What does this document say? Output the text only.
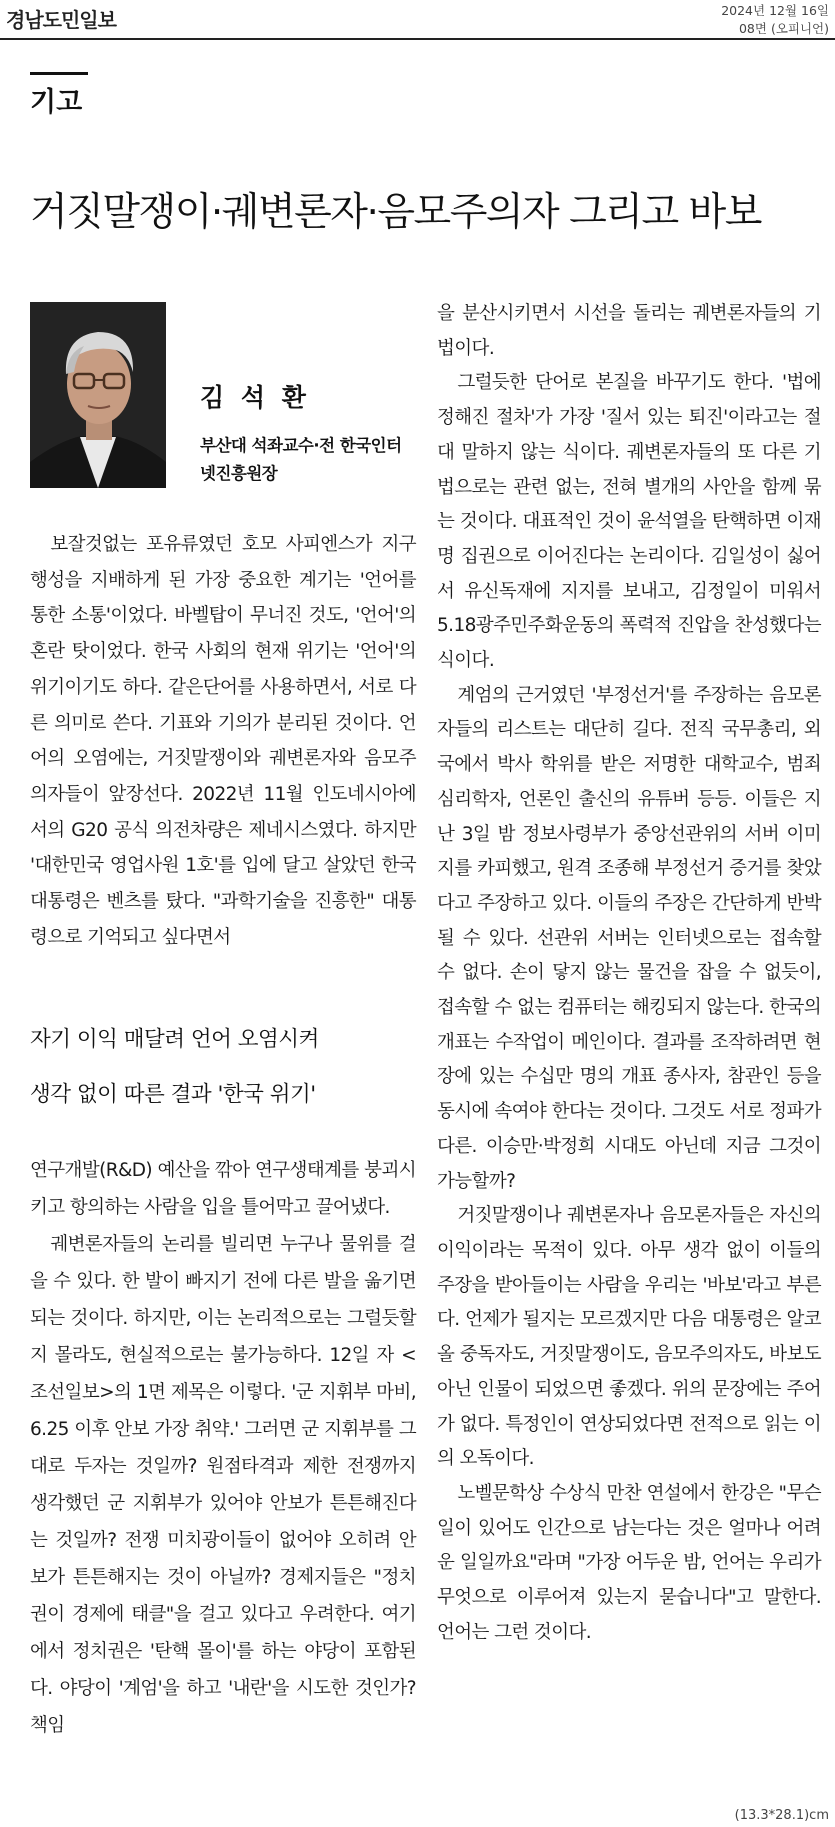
경남도민일보	2024년 12월 16일
08면 (오피니언)
기고
거짓말쟁이·궤변론자·음모주의자 그리고 바보
김 석 환
부산대 석좌교수·전 한국인터넷진흥원장

보잘것없는 포유류였던 호모 사피엔스가 지구 행성을 지배하게 된 가장 중요한 계기는 '언어를 통한 소통'이었다. 바벨탑이 무너진 것도, '언어'의 혼란 탓이었다. 한국 사회의 현재 위기는 '언어'의 위기이기도 하다. 같은단어를 사용하면서, 서로 다른 의미로 쓴다. 기표와 기의가 분리된 것이다. 언어의 오염에는, 거짓말쟁이와 궤변론자와 음모주의자들이 앞장선다. 2022년 11월 인도네시아에서의 G20 공식 의전차량은 제네시스였다. 하지만 '대한민국 영업사원 1호'를 입에 달고 살았던 한국 대통령은 벤츠를 탔다. "과학기술을 진흥한" 대통령으로 기억되고 싶다면서

자기 이익 매달려 언어 오염시켜
생각 없이 따른 결과 '한국 위기'

연구개발(R&D) 예산을 깎아 연구생태계를 붕괴시키고 항의하는 사람을 입을 틀어막고 끌어냈다.

궤변론자들의 논리를 빌리면 누구나 물위를 걸을 수 있다. 한 발이 빠지기 전에 다른 발을 옮기면 되는 것이다. 하지만, 이는 논리적으로는 그럴듯할지 몰라도, 현실적으로는 불가능하다. 12일 자 <조선일보>의 1면 제목은 이렇다. '군 지휘부 마비, 6.25 이후 안보 가장 취약.' 그러면 군 지휘부를 그대로 두자는 것일까? 원점타격과 제한 전쟁까지 생각했던 군 지휘부가 있어야 안보가 튼튼해진다는 것일까? 전쟁 미치광이들이 없어야 오히려 안보가 튼튼해지는 것이 아닐까? 경제지들은 "정치권이 경제에 태클"을 걸고 있다고 우려한다. 여기에서 정치권은 '탄핵 몰이'를 하는 야당이 포함된다. 야당이 '계엄'을 하고 '내란'을 시도한 것인가? 책임

을 분산시키면서 시선을 돌리는 궤변론자들의 기법이다.

그럴듯한 단어로 본질을 바꾸기도 한다. '법에 정해진 절차'가 가장 '질서 있는 퇴진'이라고는 절대 말하지 않는 식이다. 궤변론자들의 또 다른 기법으로는 관련 없는, 전혀 별개의 사안을 함께 묶는 것이다. 대표적인 것이 윤석열을 탄핵하면 이재명 집권으로 이어진다는 논리이다. 김일성이 싫어서 유신독재에 지지를 보내고, 김정일이 미워서 5.18광주민주화운동의 폭력적 진압을 찬성했다는 식이다.

계엄의 근거였던 '부정선거'를 주장하는 음모론자들의 리스트는 대단히 길다. 전직 국무총리, 외국에서 박사 학위를 받은 저명한 대학교수, 범죄 심리학자, 언론인 출신의 유튜버 등등. 이들은 지난 3일 밤 정보사령부가 중앙선관위의 서버 이미지를 카피했고, 원격 조종해 부정선거 증거를 찾았다고 주장하고 있다. 이들의 주장은 간단하게 반박될 수 있다. 선관위 서버는 인터넷으로는 접속할 수 없다. 손이 닿지 않는 물건을 잡을 수 없듯이, 접속할 수 없는 컴퓨터는 해킹되지 않는다. 한국의 개표는 수작업이 메인이다. 결과를 조작하려면 현장에 있는 수십만 명의 개표 종사자, 참관인 등을 동시에 속여야 한다는 것이다. 그것도 서로 정파가 다른. 이승만·박정희 시대도 아닌데 지금 그것이 가능할까?

거짓말쟁이나 궤변론자나 음모론자들은 자신의 이익이라는 목적이 있다. 아무 생각 없이 이들의 주장을 받아들이는 사람을 우리는 '바보'라고 부른다. 언제가 될지는 모르겠지만 다음 대통령은 알코올 중독자도, 거짓말쟁이도, 음모주의자도, 바보도 아닌 인물이 되었으면 좋겠다. 위의 문장에는 주어가 없다. 특정인이 연상되었다면 전적으로 읽는 이의 오독이다.

노벨문학상 수상식 만찬 연설에서 한강은 "무슨 일이 있어도 인간으로 남는다는 것은 얼마나 어려운 일일까요"라며 "가장 어두운 밤, 언어는 우리가 무엇으로 이루어져 있는지 묻습니다"고 말한다. 언어는 그런 것이다.

(13.3*28.1)cm
